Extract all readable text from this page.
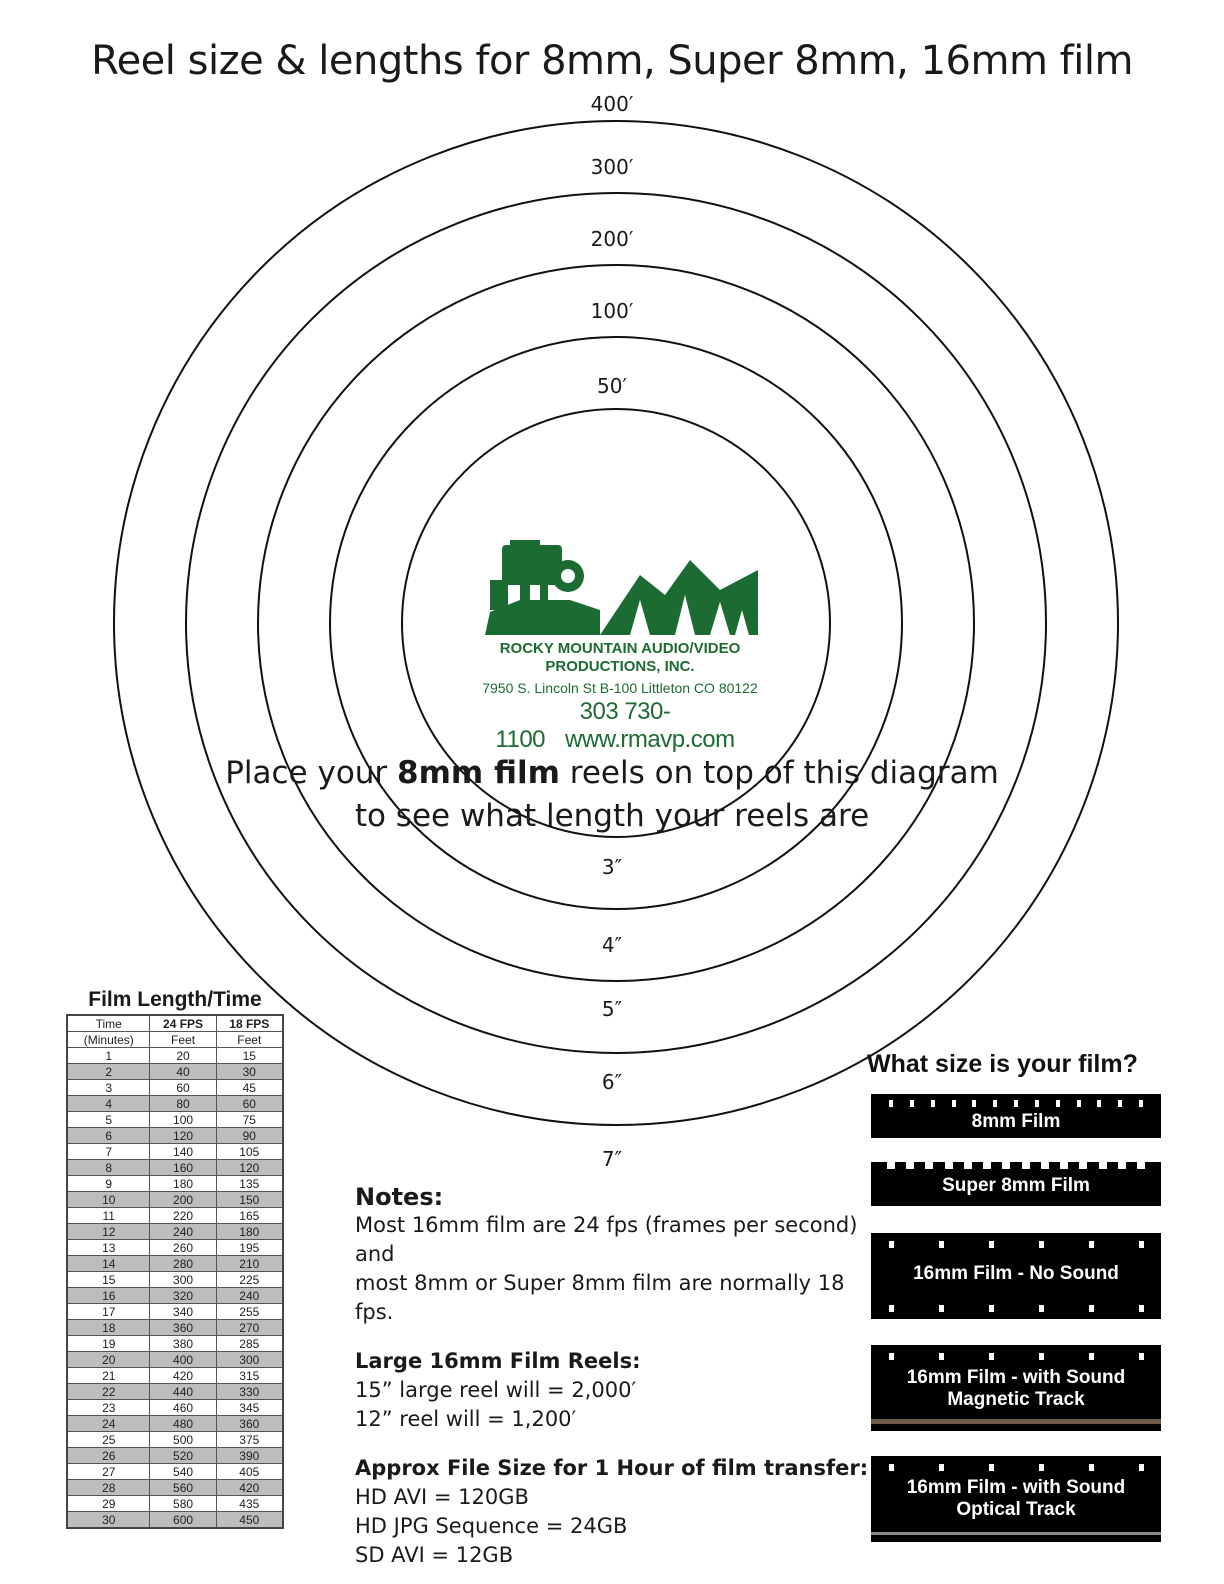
Reel size & lengths for 8mm, Super 8mm, 16mm film
400′
300′
200′
100′
50′
3″
4″
5″
6″
7″
ROCKY MOUNTAIN AUDIO/VIDEO
PRODUCTIONS, INC.
7950 S. Lincoln St B-100 Littleton CO 80122
303 730-1100 www.rmavp.com
Place your 8mm film reels on top of this diagram
to see what length your reels are
Film Length/Time
Time	24 FPS	18 FPS
(Minutes)	Feet	Feet
1	20	15
2	40	30
3	60	45
4	80	60
5	100	75
6	120	90
7	140	105
8	160	120
9	180	135
10	200	150
11	220	165
12	240	180
13	260	195
14	280	210
15	300	225
16	320	240
17	340	255
18	360	270
19	380	285
20	400	300
21	420	315
22	440	330
23	460	345
24	480	360
25	500	375
26	520	390
27	540	405
28	560	420
29	580	435
30	600	450
Notes:

Most 16mm film are 24 fps (frames per second) and

most 8mm or Super 8mm film are normally 18 fps.

Large 16mm Film Reels:

15” large reel will = 2,000′

12” reel will = 1,200′

Approx File Size for 1 Hour of film transfer:

HD AVI = 120GB

HD JPG Sequence = 24GB

SD AVI = 12GB

What size is your film?
8mm Film
Super 8mm Film
16mm Film - No Sound
16mm Film - with Sound
Magnetic Track
16mm Film - with Sound
Optical Track
